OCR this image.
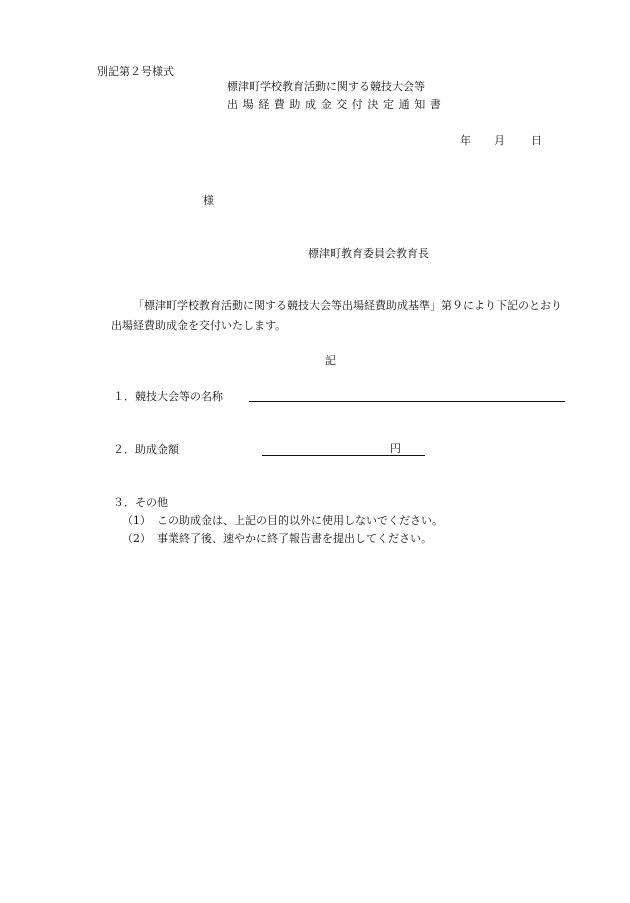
別記第２号様式
標津町学校教育活動に関する競技大会等
出場経費助成金交付決定通知書
年 月 日
様
標津町教育委員会教育長
「標津町学校教育活動に関する競技大会等出場経費助成基準」第９により下記のとおり出場経費助成金を交付いたします。
記
１．競技大会等の名称
２．助成金額	円
３．その他
（1） この助成金は、上記の目的以外に使用しないでください。
（2） 事業終了後、速やかに終了報告書を提出してください。
